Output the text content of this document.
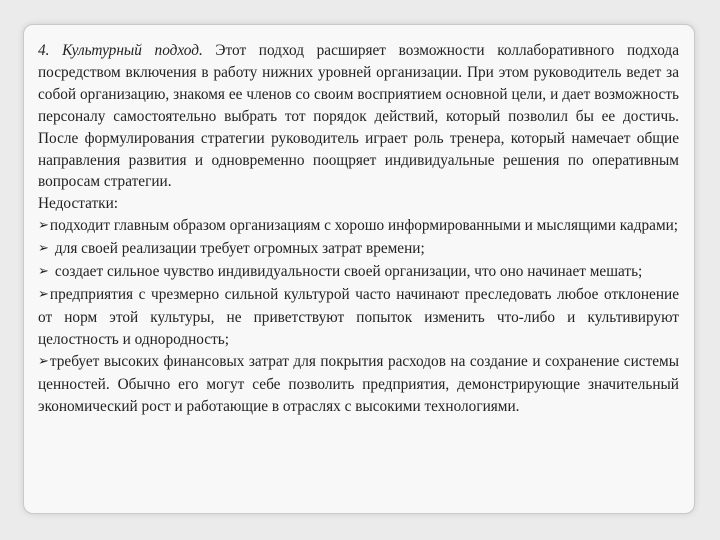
4. Культурный подход. Этот подход расширяет возможности коллаборативного подхода посредством включения в работу нижних уровней организации. При этом руководитель ведет за собой организацию, знакомя ее членов со своим восприятием основной цели, и дает возможность персоналу самостоятельно выбрать тот порядок действий, который позволил бы ее достичь. После формулирования стратегии руководитель играет роль тренера, который намечает общие направления развития и одновременно поощряет индивидуальные решения по оперативным вопросам стратегии.

Недостатки:

➢подходит главным образом организациям с хорошо информированными и мыслящими кадрами;

➢ для своей реализации требует огромных затрат времени;

➢ создает сильное чувство индивидуальности своей организации, что оно начинает мешать;

➢предприятия с чрезмерно сильной культурой часто начинают преследовать любое отклонение от норм этой культуры, не приветствуют попыток изменить что-либо и культивируют целостность и однородность;

➢требует высоких финансовых затрат для покрытия расходов на создание и сохранение системы ценностей. Обычно его могут себе позволить предприятия, демонстрирующие значительный экономический рост и работающие в отраслях с высокими технологиями.
